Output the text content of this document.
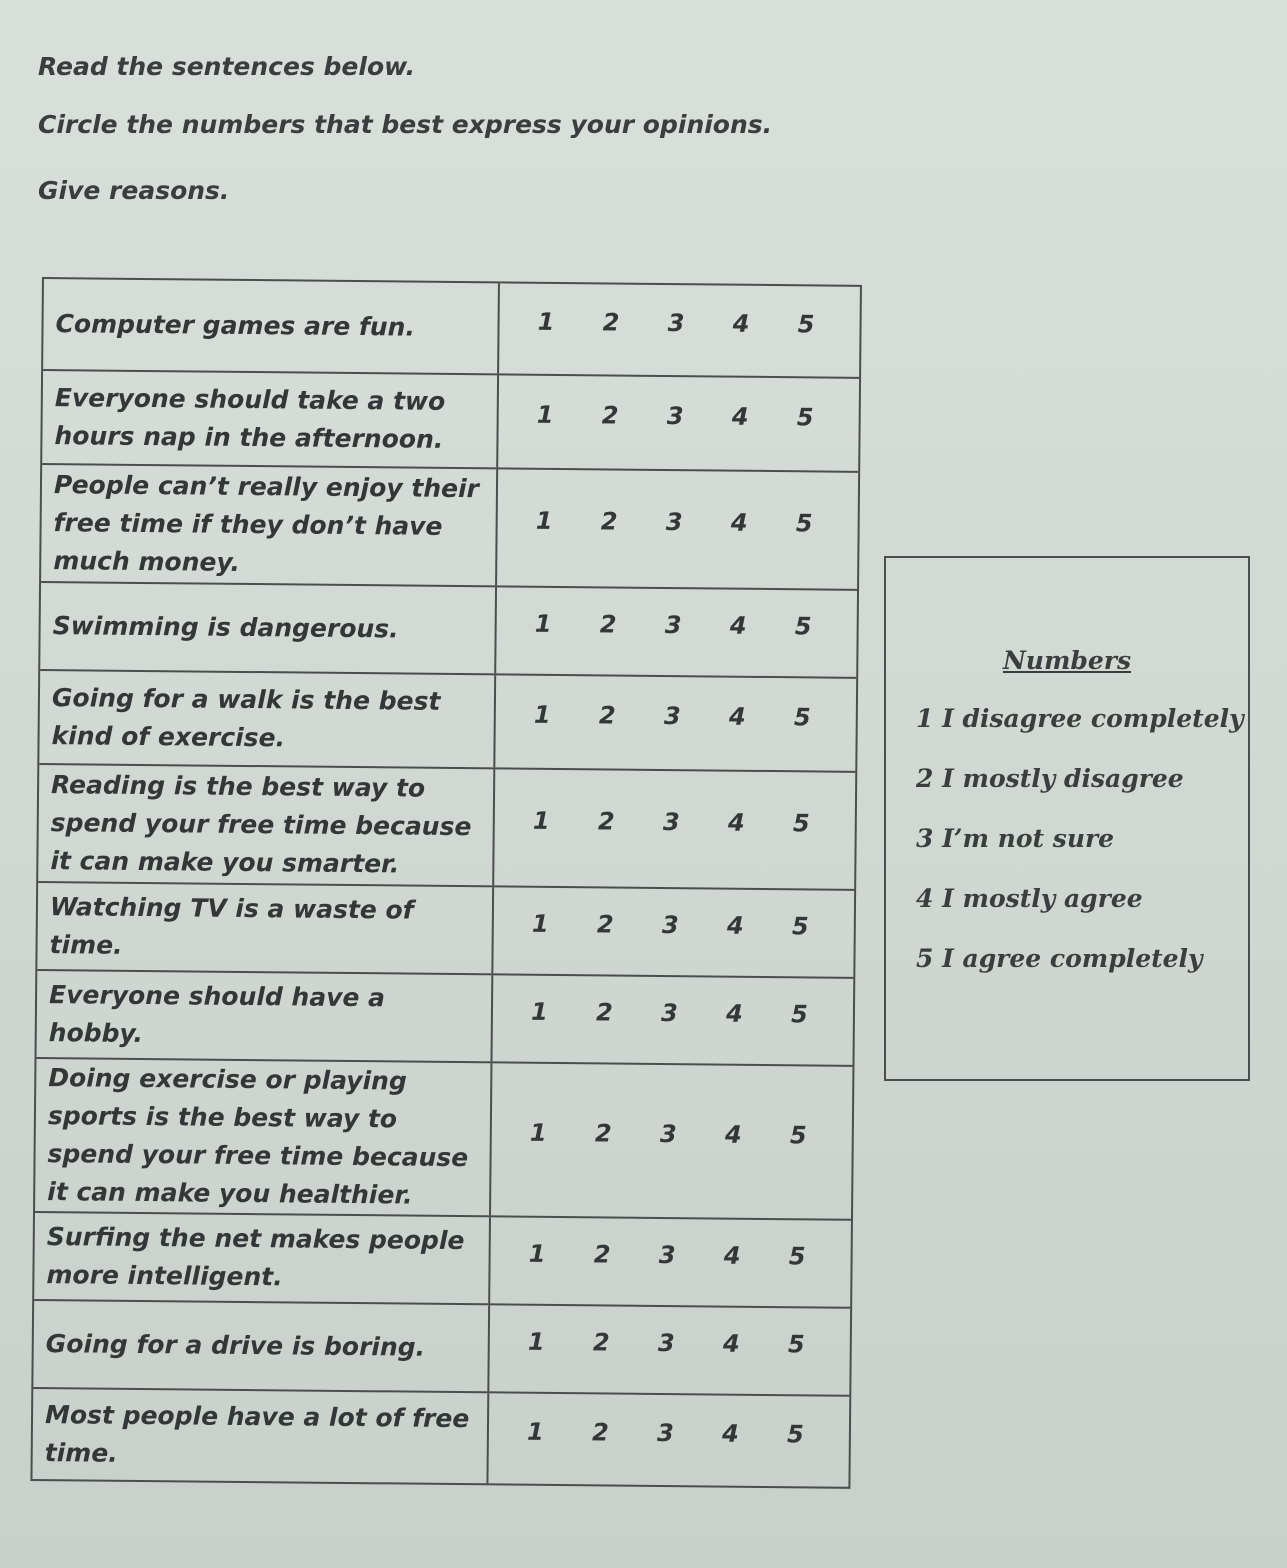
Read the sentences below.
Circle the numbers that best express your opinions.
Give reasons.
Computer games are fun.	1	2	3	4	5
Everyone should take a two hours nap in the afternoon.
1	2	3	4	5
People can’t really enjoy their free time if they don’t have much money.
1	2	3	4	5
Swimming is dangerous.	1	2	3	4	5
Going for a walk is the best kind of exercise.
1	2	3	4	5
Reading is the best way to spend your free time because it can make you smarter.
1	2	3	4	5
Watching TV is a waste of time.
1	2	3	4	5
Everyone should have a hobby.
1	2	3	4	5
Doing exercise or playing sports is the best way to spend your free time because it can make you healthier.
1	2	3	4	5
Surfing the net makes people more intelligent.
1	2	3	4	5
Going for a drive is boring.	1	2	3	4	5
Most people have a lot of free time.
1	2	3	4	5
Numbers
1 I disagree completely
2 I mostly disagree
3 I’m not sure
4 I mostly agree
5 I agree completely
